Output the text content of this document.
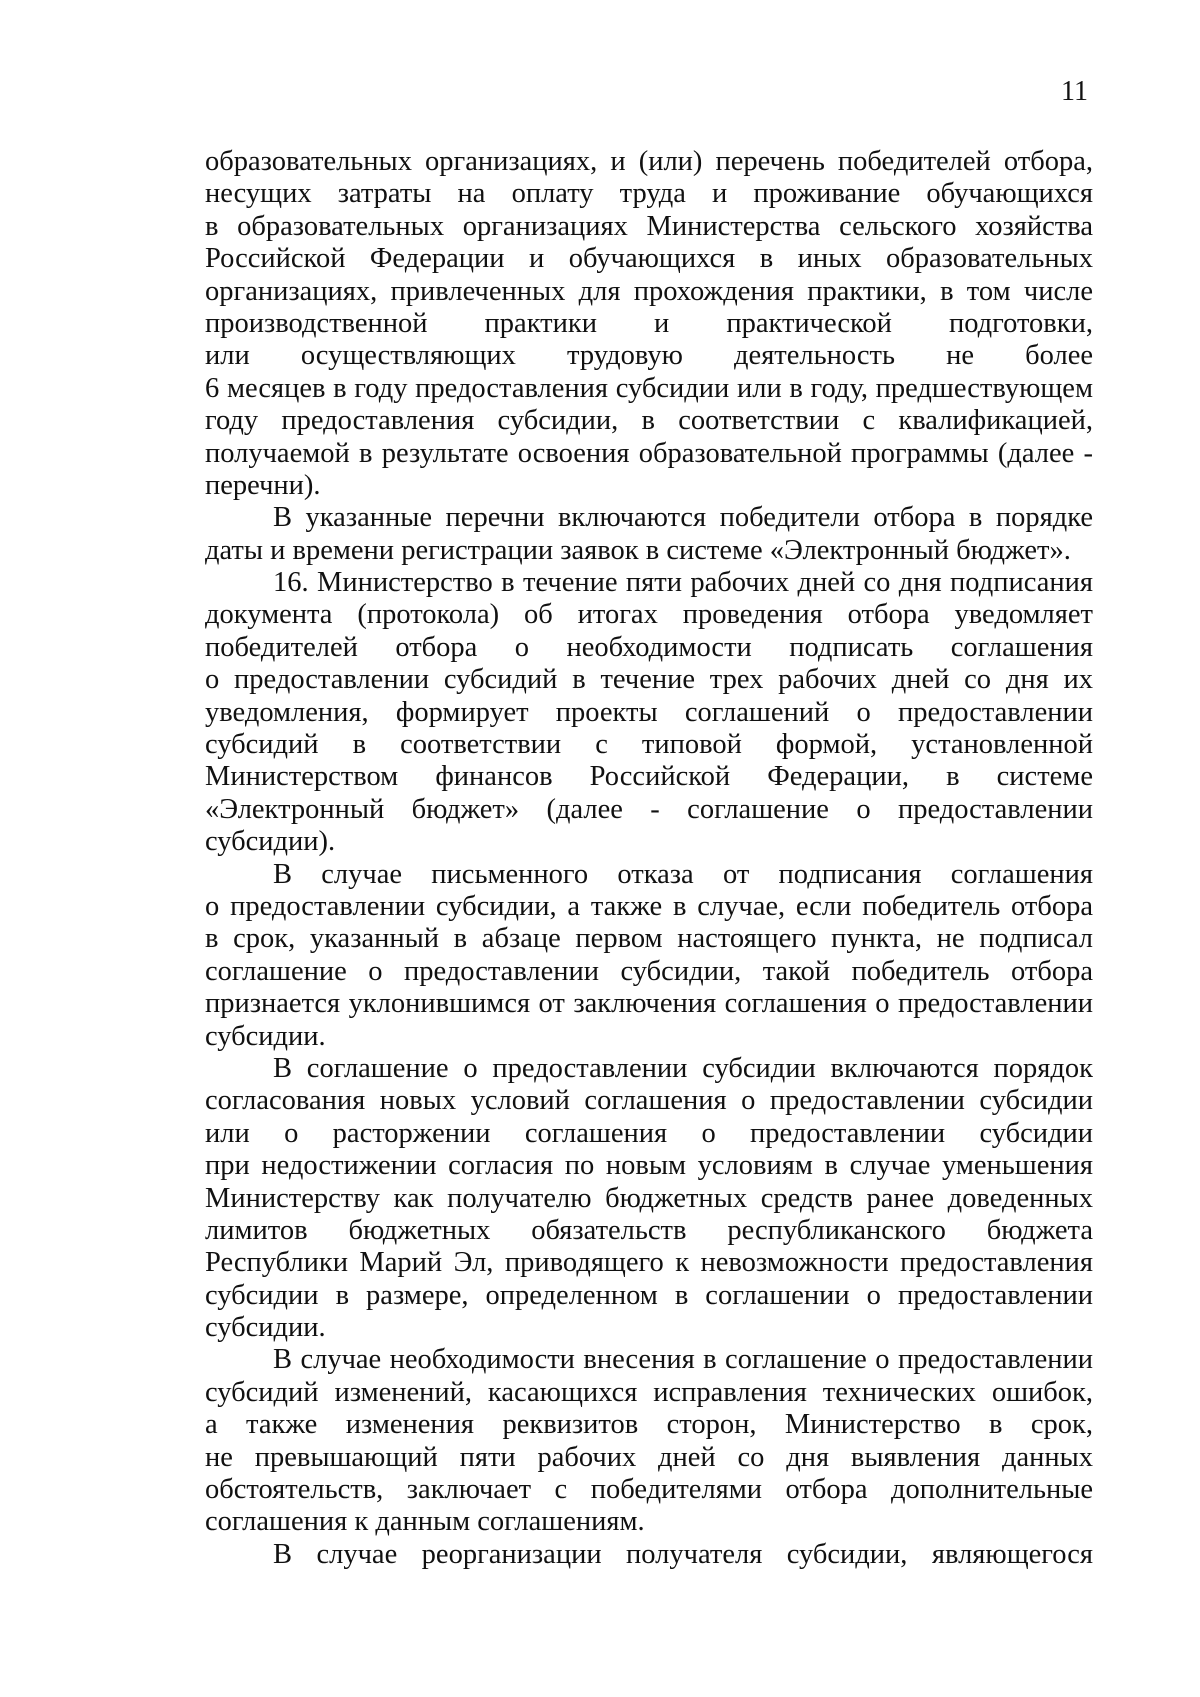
11
образовательных организациях, и (или) перечень победителей отбора,
несущих затраты на оплату труда и проживание обучающихся
в образовательных организациях Министерства сельского хозяйства
Российской Федерации и обучающихся в иных образовательных
организациях, привлеченных для прохождения практики, в том числе
производственной практики и практической подготовки,
или осуществляющих трудовую деятельность не более
6 месяцев в году предоставления субсидии или в году, предшествующем
году предоставления субсидии, в соответствии с квалификацией,
получаемой в результате освоения образовательной программы (далее -
перечни).
В указанные перечни включаются победители отбора в порядке
даты и времени регистрации заявок в системе «Электронный бюджет».
16. Министерство в течение пяти рабочих дней со дня подписания
документа (протокола) об итогах проведения отбора уведомляет
победителей отбора о необходимости подписать соглашения
о предоставлении субсидий в течение трех рабочих дней со дня их
уведомления, формирует проекты соглашений о предоставлении
субсидий в соответствии с типовой формой, установленной
Министерством финансов Российской Федерации, в системе
«Электронный бюджет» (далее - соглашение о предоставлении
субсидии).
В случае письменного отказа от подписания соглашения
о предоставлении субсидии, а также в случае, если победитель отбора
в срок, указанный в абзаце первом настоящего пункта, не подписал
соглашение о предоставлении субсидии, такой победитель отбора
признается уклонившимся от заключения соглашения о предоставлении
субсидии.
В соглашение о предоставлении субсидии включаются порядок
согласования новых условий соглашения о предоставлении субсидии
или о расторжении соглашения о предоставлении субсидии
при недостижении согласия по новым условиям в случае уменьшения
Министерству как получателю бюджетных средств ранее доведенных
лимитов бюджетных обязательств республиканского бюджета
Республики Марий Эл, приводящего к невозможности предоставления
субсидии в размере, определенном в соглашении о предоставлении
субсидии.
В случае необходимости внесения в соглашение о предоставлении
субсидий изменений, касающихся исправления технических ошибок,
а также изменения реквизитов сторон, Министерство в срок,
не превышающий пяти рабочих дней со дня выявления данных
обстоятельств, заключает с победителями отбора дополнительные
соглашения к данным соглашениям.
В случае реорганизации получателя субсидии, являющегося
